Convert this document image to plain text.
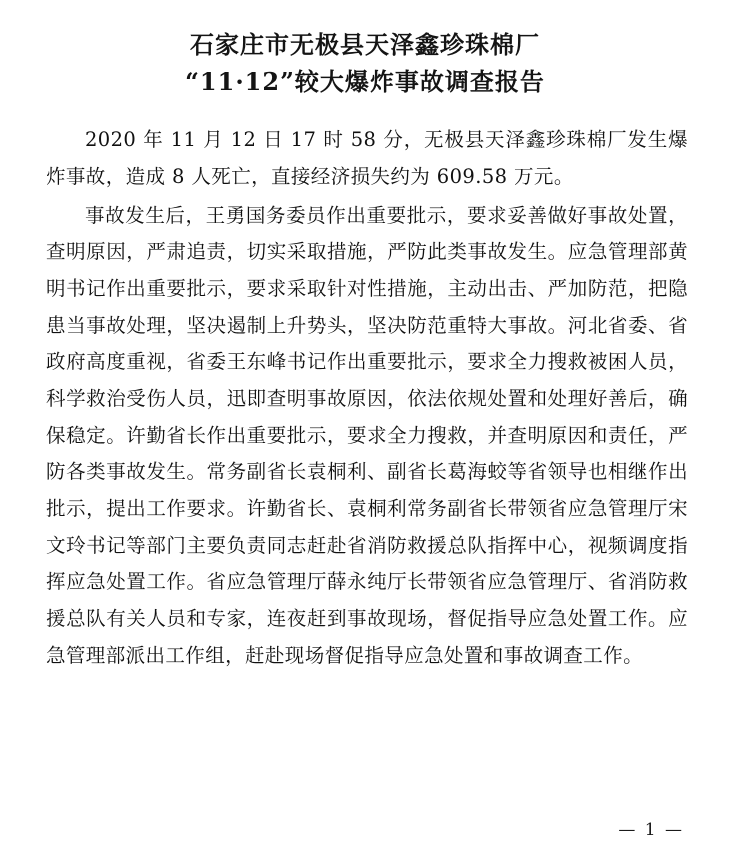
石家庄市无极县天泽鑫珍珠棉厂
“11·12”较大爆炸事故调查报告

2020 年 11 月 12 日 17 时 58 分，无极县天泽鑫珍珠棉厂发生爆炸事故，造成 8 人死亡，直接经济损失约为 609.58 万元。

事故发生后，王勇国务委员作出重要批示，要求妥善做好事故处置，查明原因，严肃追责，切实采取措施，严防此类事故发生。应急管理部黄明书记作出重要批示，要求采取针对性措施，主动出击、严加防范，把隐患当事故处理，坚决遏制上升势头，坚决防范重特大事故。河北省委、省政府高度重视，省委王东峰书记作出重要批示，要求全力搜救被困人员，科学救治受伤人员，迅即查明事故原因，依法依规处置和处理好善后，确保稳定。许勤省长作出重要批示，要求全力搜救，并查明原因和责任，严防各类事故发生。常务副省长袁桐利、副省长葛海蛟等省领导也相继作出批示，提出工作要求。许勤省长、袁桐利常务副省长带领省应急管理厅宋文玲书记等部门主要负责同志赶赴省消防救援总队指挥中心，视频调度指挥应急处置工作。省应急管理厅薛永纯厅长带领省应急管理厅、省消防救援总队有关人员和专家，连夜赶到事故现场，督促指导应急处置工作。应急管理部派出工作组，赶赴现场督促指导应急处置和事故调查工作。

— 1 —
